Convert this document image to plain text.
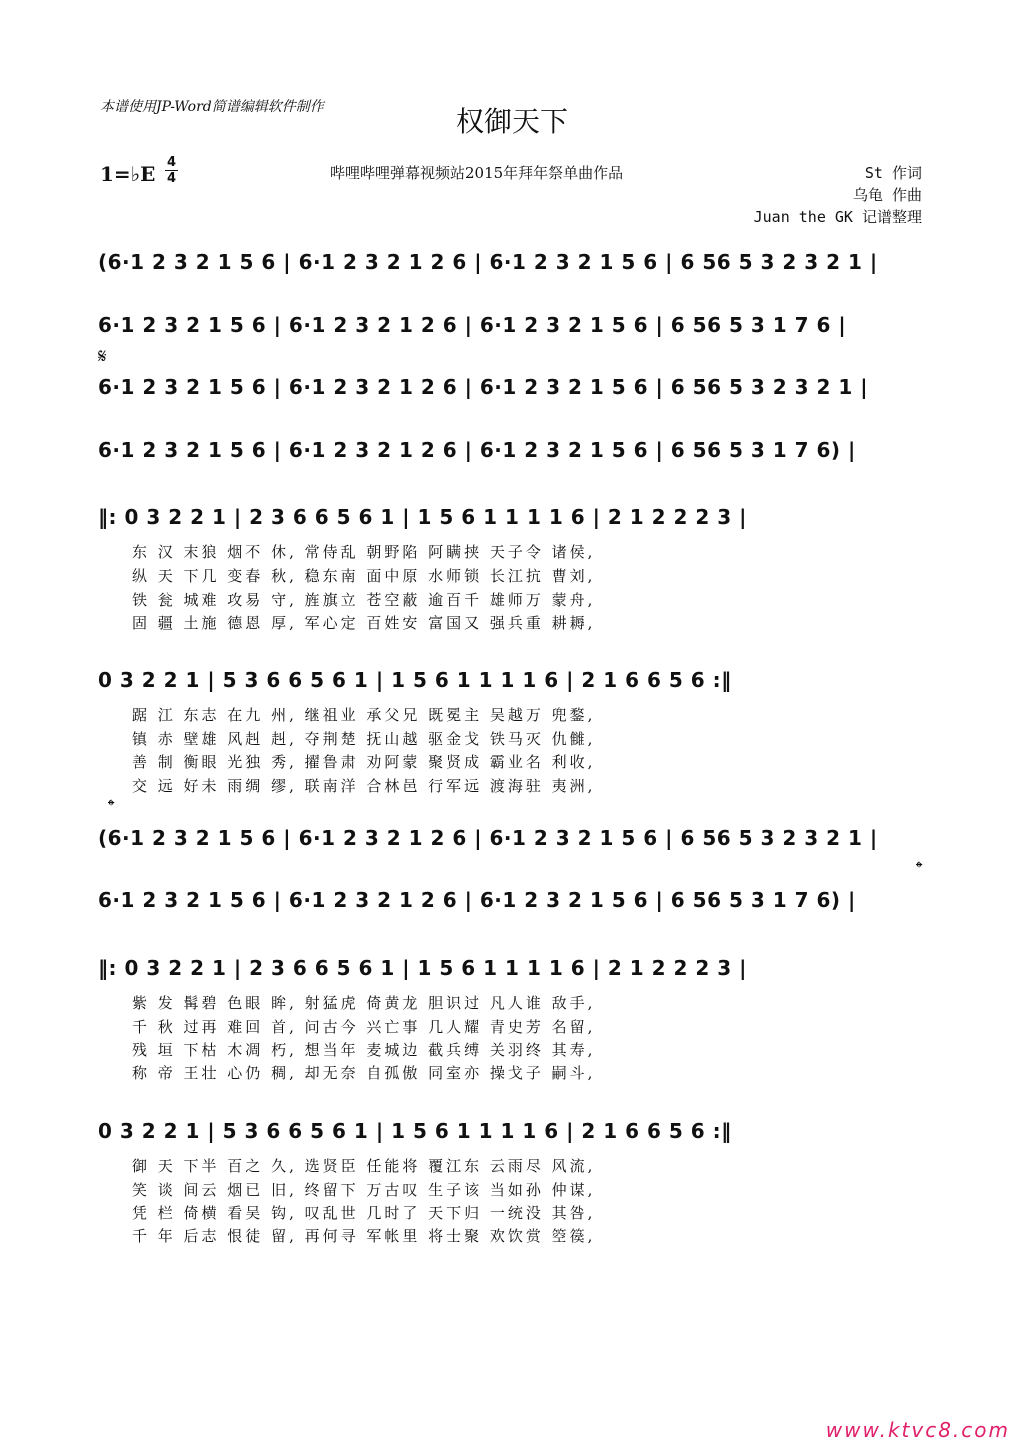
本谱使用JP-Word简谱编辑软件制作	权御天下
1=♭E 4
4	哔哩哔哩弹幕视频站2015年拜年祭单曲作品	St 作词
乌龟 作曲
Juan the GK 记谱整理
(6·1 2 3 2 1 5 6 | 6·1 2 3 2 1 2 6 | 6·1 2 3 2 1 5 6 | 6 56 5 3 2 3 2 1 |
6·1 2 3 2 1 5 6 | 6·1 2 3 2 1 2 6 | 6·1 2 3 2 1 5 6 | 6 56 5 3 1 7 6 |
𝄋
6·1 2 3 2 1 5 6 | 6·1 2 3 2 1 2 6 | 6·1 2 3 2 1 5 6 | 6 56 5 3 2 3 2 1 |
6·1 2 3 2 1 5 6 | 6·1 2 3 2 1 2 6 | 6·1 2 3 2 1 5 6 | 6 56 5 3 1 7 6) |
‖: 0 3 2 2 1 | 2 3 6 6 5 6 1 | 1 5 6 1 1 1 1 6 | 2 1 2 2 2 3 |
东 汉 末狼 烟不 休, 常侍乱 朝野陷 阿瞒挟 天子令 诸侯,
纵 天 下几 变春 秋, 稳东南 面中原 水师锁 长江抗 曹刘,
铁 瓮 城难 攻易 守, 旌旗立 苍空蔽 逾百千 雄师万 蒙舟,
固 疆 土施 德恩 厚, 军心定 百姓安 富国又 强兵重 耕耨,
0 3 2 2 1 | 5 3 6 6 5 6 1 | 1 5 6 1 1 1 1 6 | 2 1 6 6 5 6 :‖
踞 江 东志 在九 州, 继祖业 承父兄 既冕主 吴越万 兜鍪,
镇 赤 壁雄 风赳 赳, 夺荆楚 抚山越 驱金戈 铁马灭 仇雠,
善 制 衡眼 光独 秀, 擢鲁肃 劝阿蒙 聚贤成 霸业名 利收,
交 远 好未 雨绸 缪, 联南洋 合林邑 行军远 渡海驻 夷洲,
𝄌
(6·1 2 3 2 1 5 6 | 6·1 2 3 2 1 2 6 | 6·1 2 3 2 1 5 6 | 6 56 5 3 2 3 2 1 |
𝄌
6·1 2 3 2 1 5 6 | 6·1 2 3 2 1 2 6 | 6·1 2 3 2 1 5 6 | 6 56 5 3 1 7 6) |
‖: 0 3 2 2 1 | 2 3 6 6 5 6 1 | 1 5 6 1 1 1 1 6 | 2 1 2 2 2 3 |
紫 发 髯碧 色眼 眸, 射猛虎 倚黄龙 胆识过 凡人谁 敌手,
千 秋 过再 难回 首, 问古今 兴亡事 几人耀 青史芳 名留,
残 垣 下枯 木凋 朽, 想当年 麦城边 截兵缚 关羽终 其寿,
称 帝 王壮 心仍 稠, 却无奈 自孤傲 同室亦 操戈子 嗣斗,
0 3 2 2 1 | 5 3 6 6 5 6 1 | 1 5 6 1 1 1 1 6 | 2 1 6 6 5 6 :‖
御 天 下半 百之 久, 选贤臣 任能将 覆江东 云雨尽 风流,
笑 谈 间云 烟已 旧, 终留下 万古叹 生子该 当如孙 仲谋,
凭 栏 倚横 看吴 钩, 叹乱世 几时了 天下归 一统没 其咎,
千 年 后志 恨徒 留, 再何寻 军帐里 将士聚 欢饮赏 箜篌,
www.ktvc8.com
